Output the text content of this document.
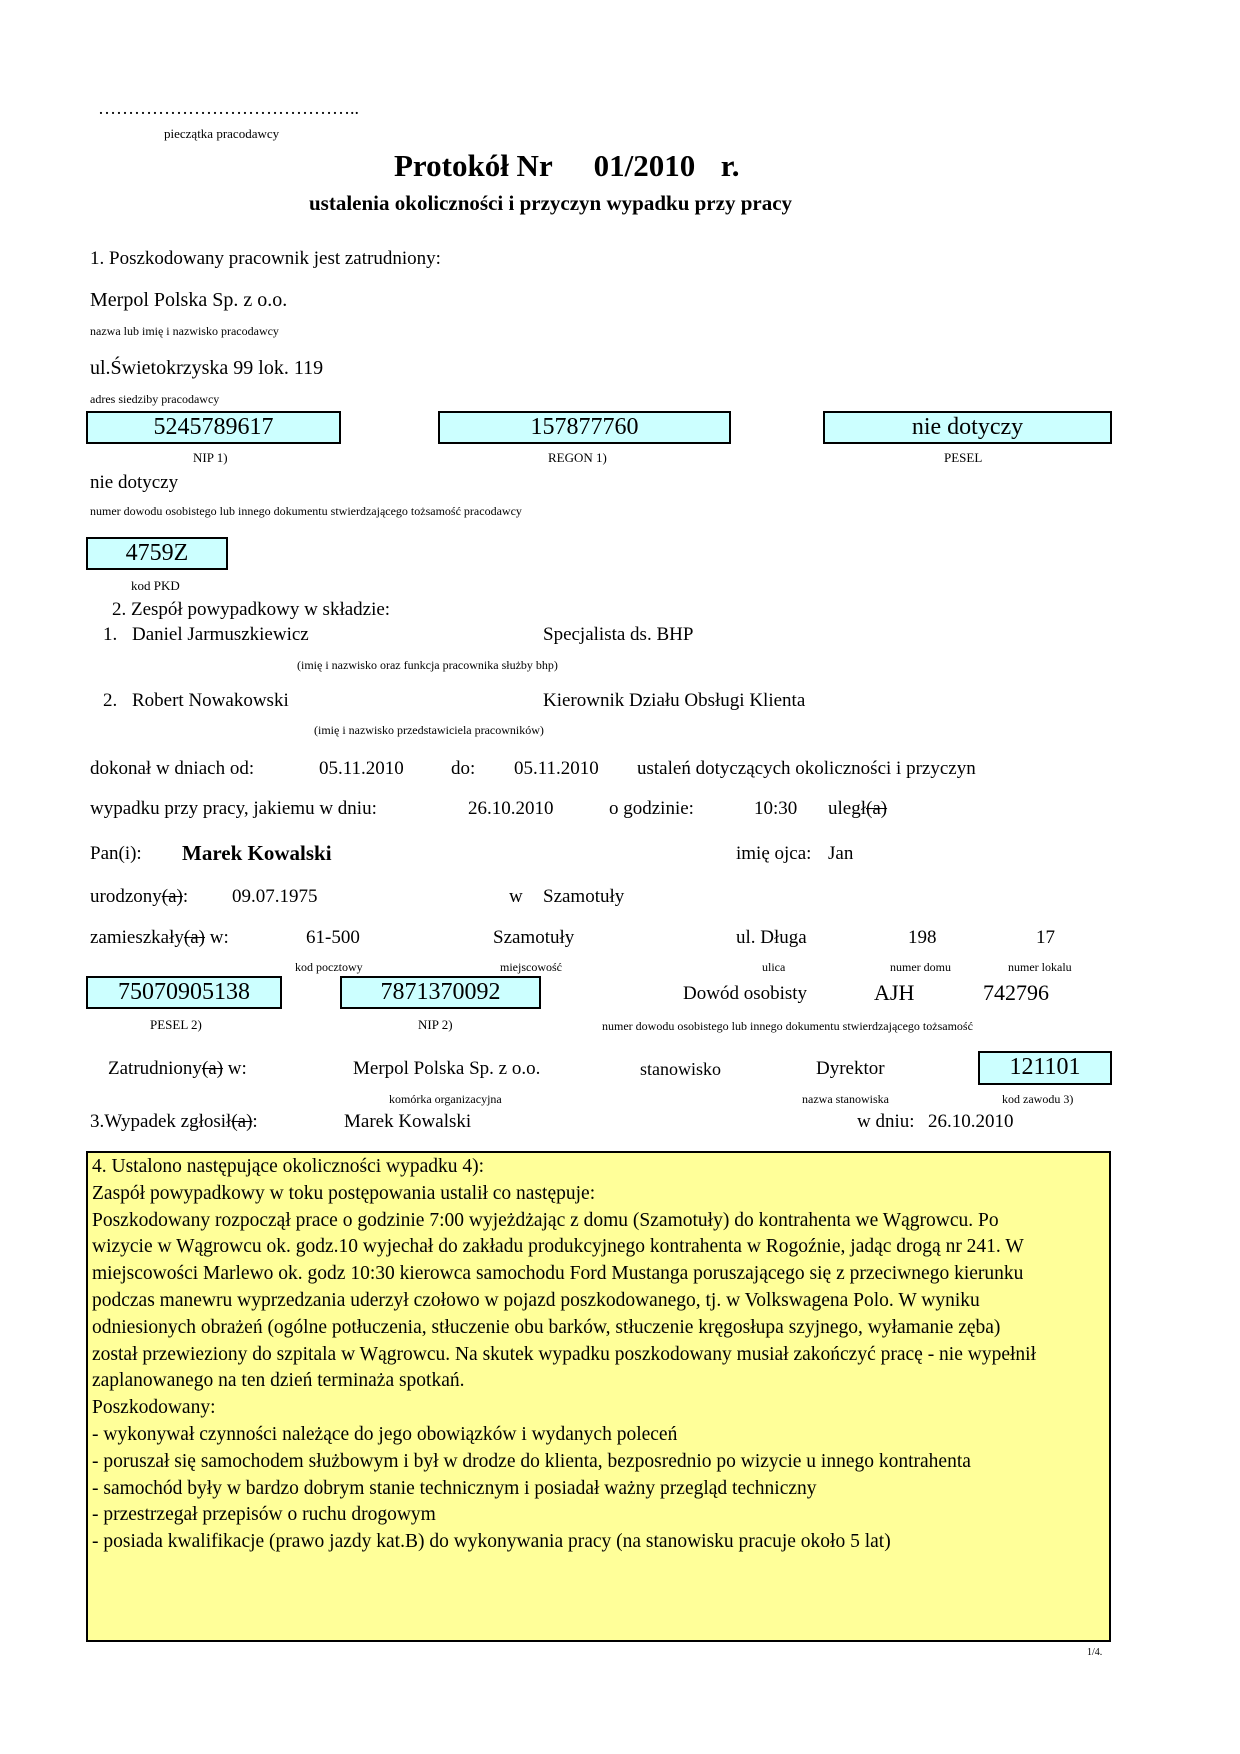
……………………………………..
pieczątka pracodawcy
Protokół Nr 01/2010 r.
ustalenia okoliczności i przyczyn wypadku przy pracy
1. Poszkodowany pracownik jest zatrudniony:
Merpol Polska Sp. z o.o.
nazwa lub imię i nazwisko pracodawcy
ul.Świetokrzyska 99 lok. 119
adres siedziby pracodawcy
5245789617
NIP 1)
157877760
REGON 1)
nie dotyczy
PESEL
nie dotyczy
numer dowodu osobistego lub innego dokumentu stwierdzającego tożsamość pracodawcy
4759Z
kod PKD
2. Zespół powypadkowy w składzie:
1. Daniel Jarmuszkiewicz	Specjalista ds. BHP
(imię i nazwisko oraz funkcja pracownika służby bhp)
2. Robert Nowakowski	Kierownik Działu Obsługi Klienta
(imię i nazwisko przedstawiciela pracowników)
dokonał w dniach od:	05.11.2010 do: 05.11.2010 ustaleń dotyczących okoliczności i przyczyn
wypadku przy pracy, jakiemu w dniu:	26.10.2010	o godzinie:	10:30 uległ(a)
Pan(i): Marek Kowalski	imię ojca: Jan
urodzony(a): 09.07.1975	w Szamotuły
zamieszkały(a) w:	61-500	Szamotuły	ul. Długa	198	17
kod pocztowy	miejscowość	ulica	numer domu	numer lokalu
75070905138
PESEL 2)
7871370092
NIP 2)
Dowód osobisty	AJH	742796
numer dowodu osobistego lub innego dokumentu stwierdzającego tożsamość
Zatrudniony(a) w:	Merpol Polska Sp. z o.o.	stanowisko	Dyrektor	121101
komórka organizacyjna	nazwa stanowiska	kod zawodu 3)
3.Wypadek zgłosił(a):	Marek Kowalski	w dniu: 26.10.2010

4. Ustalono następujące okoliczności wypadku 4):

Zaspół powypadkowy w toku postępowania ustalił co następuje:

Poszkodowany rozpoczął prace o godzinie 7:00 wyjeżdżając z domu (Szamotuły) do kontrahenta we Wągrowcu. Po

wizycie w Wągrowcu ok. godz.10 wyjechał do zakładu produkcyjnego kontrahenta w Rogoźnie, jadąc drogą nr 241. W

miejscowości Marlewo ok. godz 10:30 kierowca samochodu Ford Mustanga poruszającego się z przeciwnego kierunku

podczas manewru wyprzedzania uderzył czołowo w pojazd poszkodowanego, tj. w Volkswagena Polo. W wyniku

odniesionych obrażeń (ogólne potłuczenia, stłuczenie obu barków, stłuczenie kręgosłupa szyjnego, wyłamanie zęba)

został przewieziony do szpitala w Wągrowcu. Na skutek wypadku poszkodowany musiał zakończyć pracę - nie wypełnił

zaplanowanego na ten dzień terminaża spotkań.

Poszkodowany:

- wykonywał czynności należące do jego obowiązków i wydanych poleceń

- poruszał się samochodem służbowym i był w drodze do klienta, bezposrednio po wizycie u innego kontrahenta

- samochód były w bardzo dobrym stanie technicznym i posiadał ważny przegląd techniczny

- przestrzegał przepisów o ruchu drogowym

- posiada kwalifikacje (prawo jazdy kat.B) do wykonywania pracy (na stanowisku pracuje około 5 lat)

1/4.
